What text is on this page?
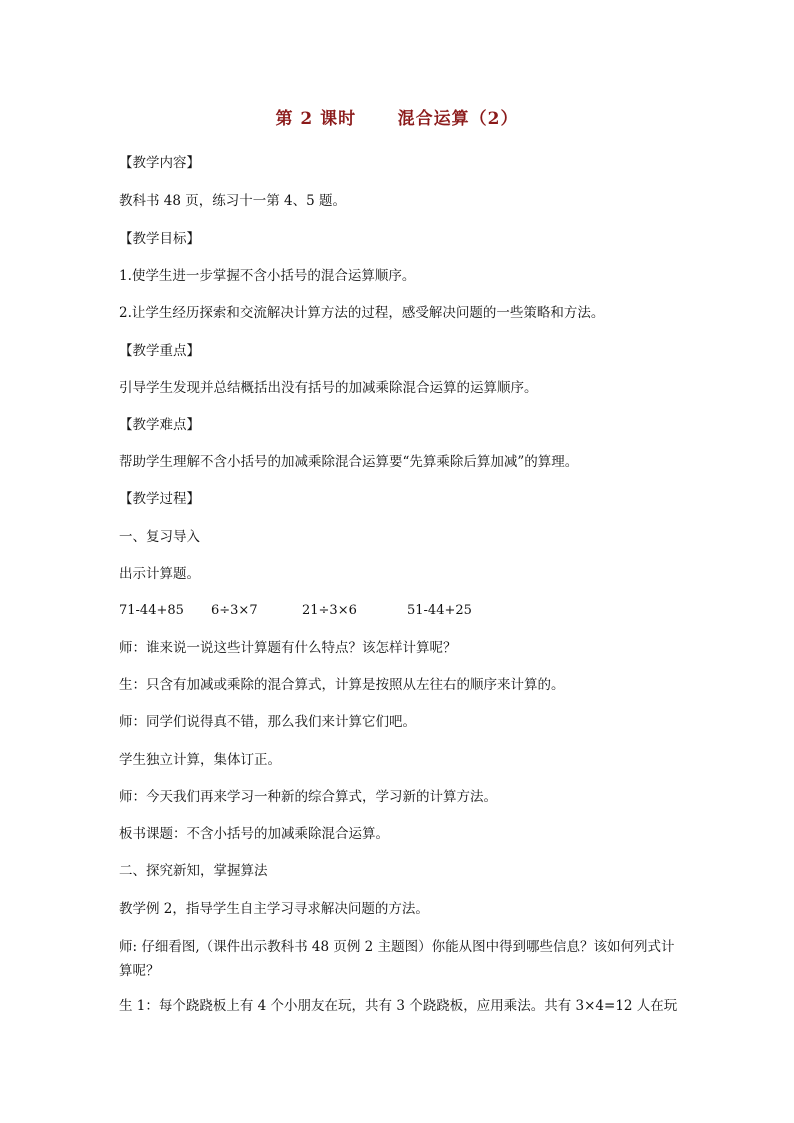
第 2 课时      混合运算（2）
【教学内容】
教科书 48 页，练习十一第 4、5 题。
【教学目标】
1.使学生进一步掌握不含小括号的混合运算顺序。
2.让学生经历探索和交流解决计算方法的过程，感受解决问题的一些策略和方法。
【教学重点】
引导学生发现并总结概括出没有括号的加减乘除混合运算的运算顺序。
【教学难点】
帮助学生理解不含小括号的加减乘除混合运算要“先算乘除后算加减”的算理。
【教学过程】
一、复习导入
出示计算题。
71-44+85 6÷3×7	21÷3×6	51-44+25
师：谁来说一说这些计算题有什么特点？该怎样计算呢？
生：只含有加减或乘除的混合算式，计算是按照从左往右的顺序来计算的。
师：同学们说得真不错，那么我们来计算它们吧。
学生独立计算，集体订正。
师：今天我们再来学习一种新的综合算式，学习新的计算方法。
板书课题：不含小括号的加减乘除混合运算。
二、探究新知，掌握算法
教学例 2，指导学生自主学习寻求解决问题的方法。
师: 仔细看图,（课件出示教科书 48 页例 2 主题图）你能从图中得到哪些信息？该如何列式计算呢？
生 1：每个跷跷板上有 4 个小朋友在玩，共有 3 个跷跷板，应用乘法。共有 3×4=12 人在玩
